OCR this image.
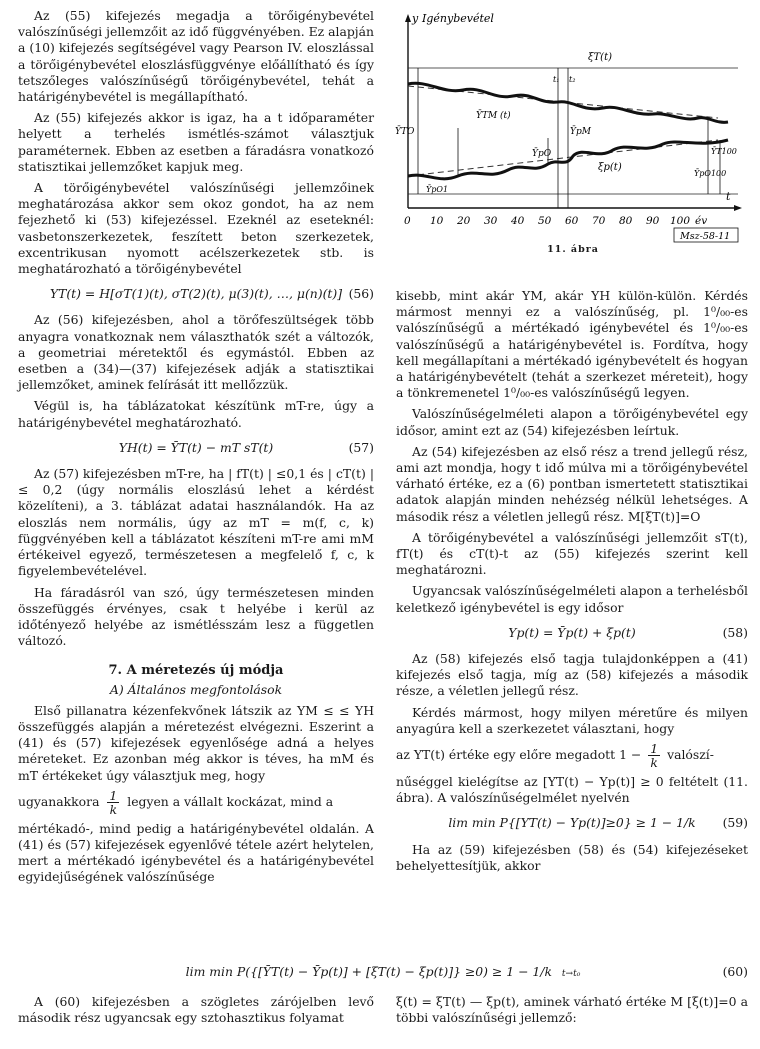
Az (55) kifejezés megadja a törőigénybevétel valószínűségi jellemzőit az idő függvényében. Ez alapján a (10) kifejezés segítségével vagy Pearson IV. eloszlással a törőigénybevétel eloszlásfüggvénye előállítható és így tetszőleges valószínűségű törőigénybevétel, tehát a határigénybevétel is megállapítható.

Az (55) kifejezés akkor is igaz, ha a t időparaméter helyett a terhelés ismétlés-számot választjuk paraméternek. Ebben az esetben a fáradásra vonatkozó statisztikai jellemzőket kapjuk meg.

A törőigénybevétel valószínűségi jellemzőinek meghatározása akkor sem okoz gondot, ha az nem fejezhető ki (53) kifejezéssel. Ezeknél az eseteknél: vasbetonszerkezetek, feszített beton szerkezetek, excentrikusan nyomott acélszerkezetek stb. is meghatározható a törőigénybevétel

YT(t) = H[σT(1)(t), σT(2)(t), μ(3)(t), …, μ(n)(t)] (56)

Az (56) kifejezésben, ahol a törőfeszültségek több anyagra vonatkoznak nem választhatók szét a változók, a geometriai méretektől és egymástól. Ebben az esetben a (34)—(37) kifejezések adják a statisztikai jellemzőket, aminek felírását itt mellőzzük.

Végül is, ha táblázatokat készítünk mT-re, úgy a határigénybevétel meghatározható.

YH(t) = ȲT(t) − mT sT(t)	(57)

Az (57) kifejezésben mT-re, ha | fT(t) | ≤0,1 és | cT(t) | ≤ 0,2 (úgy normális eloszlású lehet a kérdést közelíteni), a 3. táblázat adatai használandók. Ha az eloszlás nem normális, úgy az mT = m(f, c, k) függvényében kell a táblázatot készíteni mT-re ami mM értékeivel egyező, természetesen a megfelelő f, c, k figyelembevételével.

Ha fáradásról van szó, úgy természetesen minden összefüggés érvényes, csak t helyébe i kerül az időtényező helyébe az ismétlésszám lesz a független változó.

7. A méretezés új módja
A) Általános megfontolások

Első pillanatra kézenfekvőnek látszik az YM ≤ ≤ YH összefüggés alapján a méretezést elvégezni. Eszerint a (41) és (57) kifejezések egyenlősége adná a helyes méreteket. Ez azonban még akkor is téves, ha mM és mT értékeket úgy választjuk meg, hogy

ugyanakkora $\frac{1}{k}$ legyen a vállalt kockázat, mind a

mértékadó-, mind pedig a határigénybevétel oldalán. A (41) és (57) kifejezések egyenlővé tétele azért helytelen, mert a mértékadó igénybevétel és a határigénybevétel egyidejűségének valószínűsége

y Igénybevétel
t
ξT(t)
ȲTM (t)
ȲpM
ξp(t)
ȲpO
ȲTO
ȲT100
ȲpO100
ȲpO1
t₁ t₂
0 10 20 30 40 50 60 70 80 90 100 év
Msz-58-11
11. ábra

kisebb, mint akár YM, akár YH külön-külön. Kérdés mármost mennyi ez a valószínűség, pl. 1⁰/₀₀-es valószínűségű a mértékadó igénybevétel és 1⁰/₀₀-es valószínűségű a határigénybevétel is. Fordítva, hogy kell megállapítani a mértékadó igénybevételt és hogyan a határigénybevételt (tehát a szerkezet méreteit), hogy a tönkremenetel 1⁰/₀₀-es valószínűségű legyen.

Valószínűségelméleti alapon a törőigénybevétel egy idősor, amint ezt az (54) kifejezésben leírtuk.

Az (54) kifejezésben az első rész a trend jellegű rész, ami azt mondja, hogy t idő múlva mi a törőigénybevétel várható értéke, ez a (6) pontban ismertetett statisztikai adatok alapján minden nehézség nélkül lehetséges. A második rész a véletlen jellegű rész. M[ξT(t)]=O

A törőigénybevétel a valószínűségi jellemzőit sT(t), fT(t) és cT(t)-t az (55) kifejezés szerint kell meghatározni.

Ugyancsak valószínűségelméleti alapon a terhelésből keletkező igénybevétel is egy idősor

Yp(t) = Ȳp(t) + ξp(t)	(58)

Az (58) kifejezés első tagja tulajdonképpen a (41) kifejezés első tagja, míg az (58) kifejezés a második része, a véletlen jellegű rész.

Kérdés mármost, hogy milyen méretűre és milyen anyagúra kell a szerkezetet választani, hogy

az YT(t) értéke egy előre megadott $1 - \frac{1}{k}$ valószí-

nűséggel kielégítse az [YT(t) − Yp(t)] ≥ 0 feltételt (11. ábra). A valószínűségelmélet nyelvén

lim min P{[YT(t) − Yp(t)]≥0} ≥ 1 − 1/k (59)

Ha az (59) kifejezésben (58) és (54) kifejezéseket behelyettesítjük, akkor

lim min P({[ȲT(t) − Ȳp(t)] + [ξT(t) − ξp(t)]} ≥0) ≥ 1 − 1/k t→t₀	(60)

A (60) kifejezésben a szögletes zárójelben levő második rész ugyancsak egy sztohasztikus folyamat

ξ(t) = ξT(t) — ξp(t), aminek várható értéke M [ξ(t)]=0 a többi valószínűségi jellemző:
